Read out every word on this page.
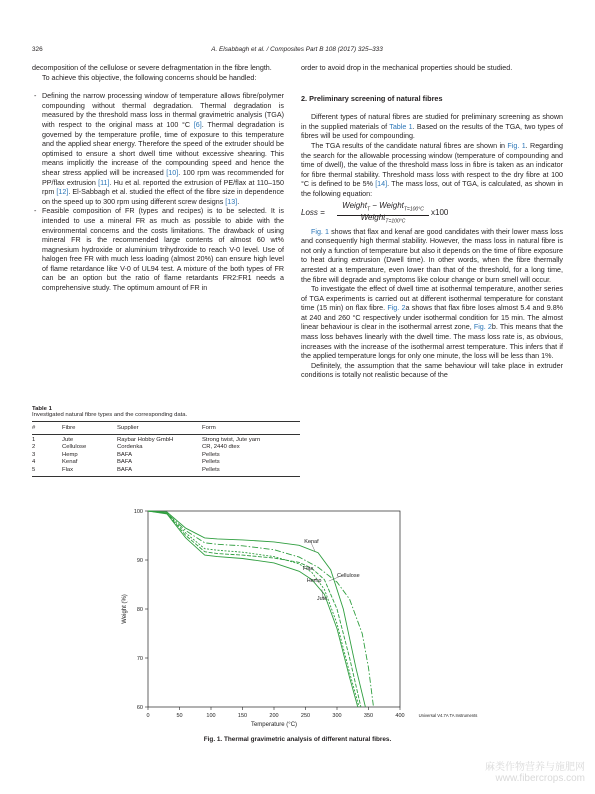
326	A. Elsabbagh et al. / Composites Part B 108 (2017) 325–333

decomposition of the cellulose or severe defragmentation in the fibre length.

To achieve this objective, the following concerns should be handled:

- Defining the narrow processing window of temperature allows fibre/polymer compounding without thermal degradation. Thermal degradation is measured by the threshold mass loss in thermal gravimetric analysis (TGA) with respect to the original mass at 100 °C [6]. Thermal degradation is governed by the temperature profile, time of exposure to this temperature and the applied shear energy. Therefore the speed of the extruder should be optimised to ensure a short dwell time without excessive shearing. This means implicitly the increase of the compounding speed and hence the shear stress applied will be increased [10]. 100 rpm was recommended for PP/flax extrusion [11]. Hu et al. reported the extrusion of PE/flax at 110–150 rpm [12]. El-Sabbagh et al. studied the effect of the fibre size in dependence on the speed up to 300 rpm using different screw designs [13].
- Feasible composition of FR (types and recipes) is to be selected. It is intended to use a mineral FR as much as possible to abide with the environmental concerns and the costs limitations. The drawback of using mineral FR is the recommended large contents of almost 60 wt% magnesium hydroxide or aluminium trihydroxide to reach V-0 level. Use of halogen free FR with much less loading (almost 20%) can ensure high level of flame retardance like V-0 of UL94 test. A mixture of the both types of FR can be an option but the ratio of flame retardants FR2:FR1 needs a comprehensive study. The optimum amount of FR in
Table 1
Investigated natural fibre types and the corresponding data.
#	Fibre	Supplier	Form
1	Jute	Raybar Hobby GmbH	Strong twist, Jute yarn
2	Cellulose	Cordenka	CR, 2440 dtex
3	Hemp	BAFA	Pellets
4	Kenaf	BAFA	Pellets
5	Flax	BAFA	Pellets

order to avoid drop in the mechanical properties should be studied.

2. Preliminary screening of natural fibres

Different types of natural fibres are studied for preliminary screening as shown in the supplied materials of Table 1. Based on the results of the TGA, two types of fibres will be used for compounding.

The TGA results of the candidate natural fibres are shown in Fig. 1. Regarding the search for the allowable processing window (temperature of compounding and time of dwell), the value of the threshold mass loss in fibre is taken as an indicator for fibre thermal stability. Threshold mass loss with respect to the dry fibre at 100 °C is defined to be 5% [14]. The mass loss, out of TGA, is calculated, as shown in the following equation:

Loss =
Weight$_T$ − Weight$_{T=100^\circ C}$
Weight$_{T=100^\circ C}$
x100

Fig. 1 shows that flax and kenaf are good candidates with their lower mass loss and consequently high thermal stability. However, the mass loss in natural fibre is not only a function of temperature but also it depends on the time of fibre exposure to heat during extrusion (Dwell time). In other words, when the fibre thermally arrested at a temperature, even lower than that of the threshold, for a long time, the fibre will degrade and symptoms like colour change or burn smell will occur.

To investigate the effect of dwell time at isothermal temperature, another series of TGA experiments is carried out at different isothermal temperature for constant time (15 min) on flax fibre. Fig. 2a shows that flax fibre loses almost 5.4 and 9.8% at 240 and 260 °C respectively under isothermal condition for 15 min. The almost linear behaviour is clear in the isothermal arrest zone, Fig. 2b. This means that the mass loss behaves linearly with the dwell time. The mass loss rate is, as obvious, increases with the increase of the isothermal arrest temperature. This infers that if the applied temperature longs for only one minute, the loss will be less than 1%.

Definitely, the assumption that the same behaviour will take place in extruder conditions is totally not realistic because of the

0	50	100	150	200	250	300	350	400
60
70
80
90
100
Temperature (°C)
Weight (%)
Kenaf
Flax
Cellulose
Hemp
Jute
Universal V4.7A TA Instruments
Fig. 1. Thermal gravimetric analysis of different natural fibres.
麻类作物营养与施肥网
www.fibercrops.com
